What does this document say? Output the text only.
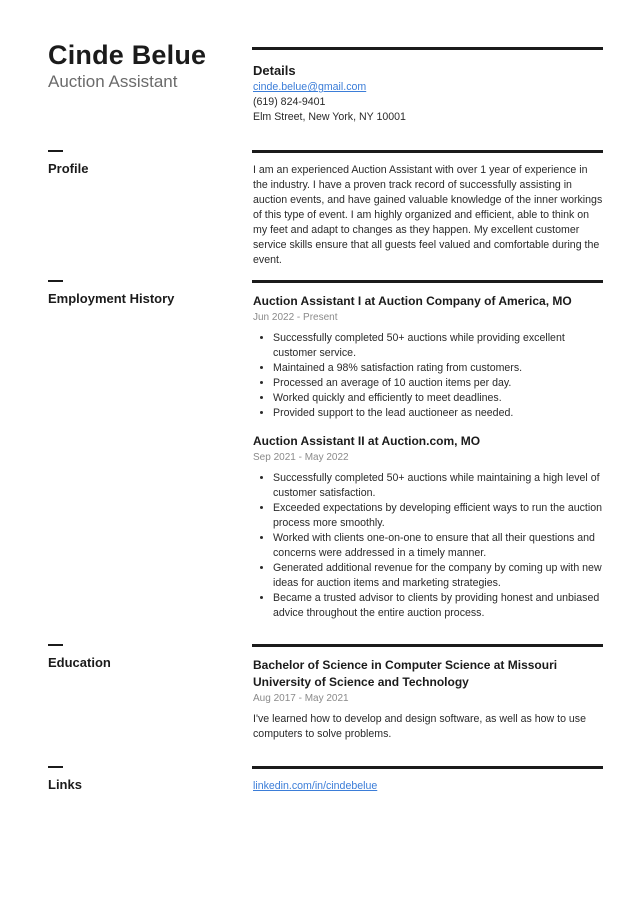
Cinde Belue
Auction Assistant
Details
cinde.belue@gmail.com
(619) 824-9401
Elm Street, New York, NY 10001
Profile	I am an experienced Auction Assistant with over 1 year of experience in the industry. I have a proven track record of successfully assisting in auction events, and have gained valuable knowledge of the inner workings of this type of event. I am highly organized and efficient, able to think on my feet and adapt to changes as they happen. My excellent customer service skills ensure that all guests feel valued and comfortable during the event.

Employment History	Auction Assistant I at Auction Company of America, MO
Jun 2022 - Present
• Successfully completed 50+ auctions while providing excellent customer service.
• Maintained a 98% satisfaction rating from customers.
• Processed an average of 10 auction items per day.
• Worked quickly and efficiently to meet deadlines.
• Provided support to the lead auctioneer as needed.
Auction Assistant II at Auction.com, MO
Sep 2021 - May 2022
• Successfully completed 50+ auctions while maintaining a high level of customer satisfaction.
• Exceeded expectations by developing efficient ways to run the auction process more smoothly.
• Worked with clients one-on-one to ensure that all their questions and concerns were addressed in a timely manner.
• Generated additional revenue for the company by coming up with new ideas for auction items and marketing strategies.
• Became a trusted advisor to clients by providing honest and unbiased advice throughout the entire auction process.
Education	Bachelor of Science in Computer Science at Missouri University of Science and Technology
Aug 2017 - May 2021

I've learned how to develop and design software, as well as how to use computers to solve problems.

Links	linkedin.com/in/cindebelue
